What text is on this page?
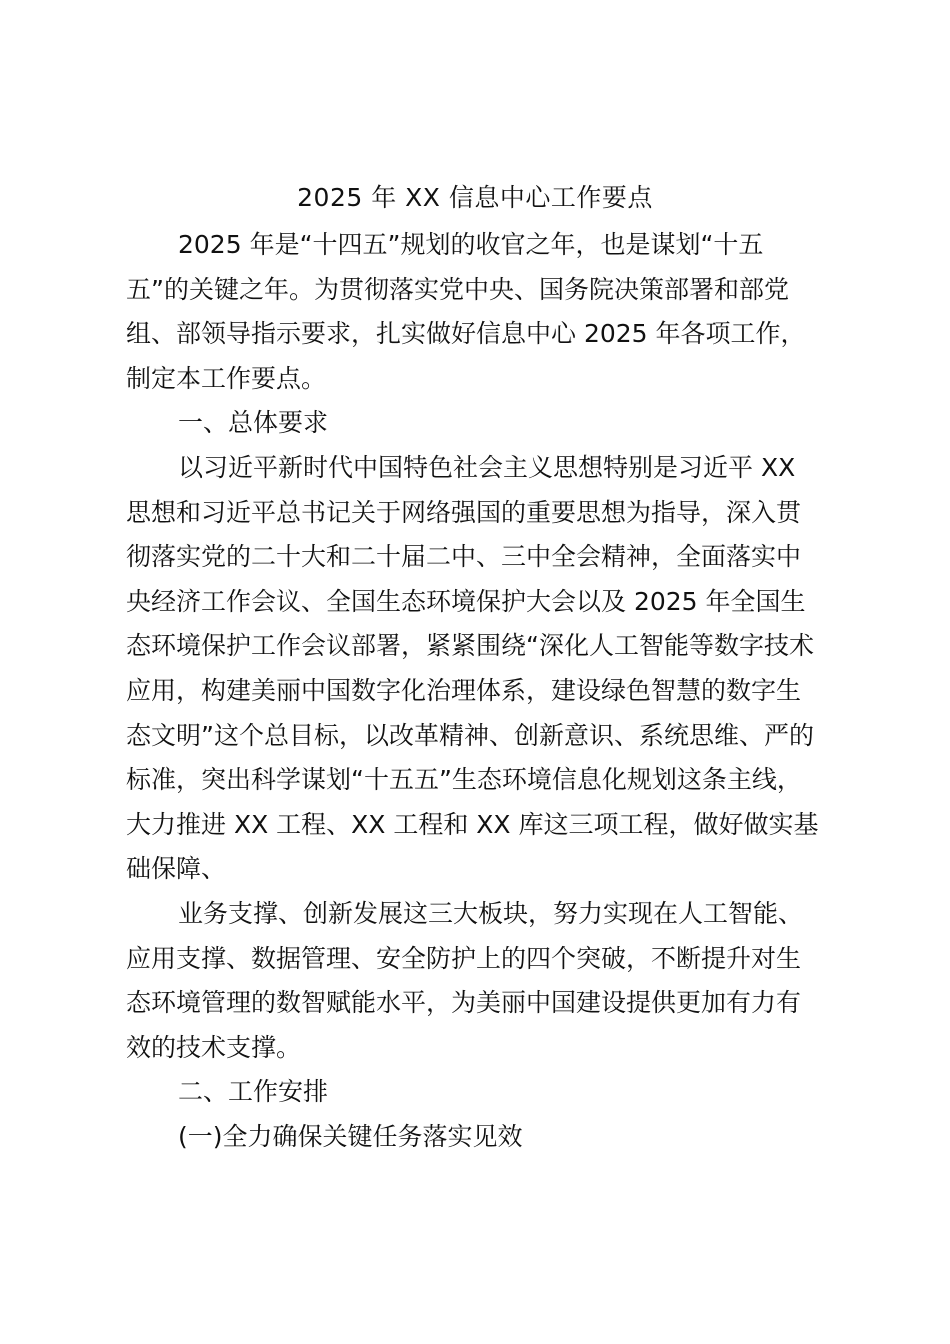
2025 年 XX 信息中心工作要点
2025 年是“十四五”规划的收官之年，也是谋划“十五
五”的关键之年。为贯彻落实党中央、国务院决策部署和部党
组、部领导指示要求，扎实做好信息中心 2025 年各项工作，
制定本工作要点。
一、总体要求
以习近平新时代中国特色社会主义思想特别是习近平 XX
思想和习近平总书记关于网络强国的重要思想为指导，深入贯
彻落实党的二十大和二十届二中、三中全会精神，全面落实中
央经济工作会议、全国生态环境保护大会以及 2025 年全国生
态环境保护工作会议部署，紧紧围绕“深化人工智能等数字技术
应用，构建美丽中国数字化治理体系，建设绿色智慧的数字生
态文明”这个总目标，以改革精神、创新意识、系统思维、严的
标准，突出科学谋划“十五五”生态环境信息化规划这条主线，
大力推进 XX 工程、XX 工程和 XX 库这三项工程，做好做实基
础保障、
业务支撑、创新发展这三大板块，努力实现在人工智能、
应用支撑、数据管理、安全防护上的四个突破，不断提升对生
态环境管理的数智赋能水平，为美丽中国建设提供更加有力有
效的技术支撑。
二、工作安排
(一)全力确保关键任务落实见效
